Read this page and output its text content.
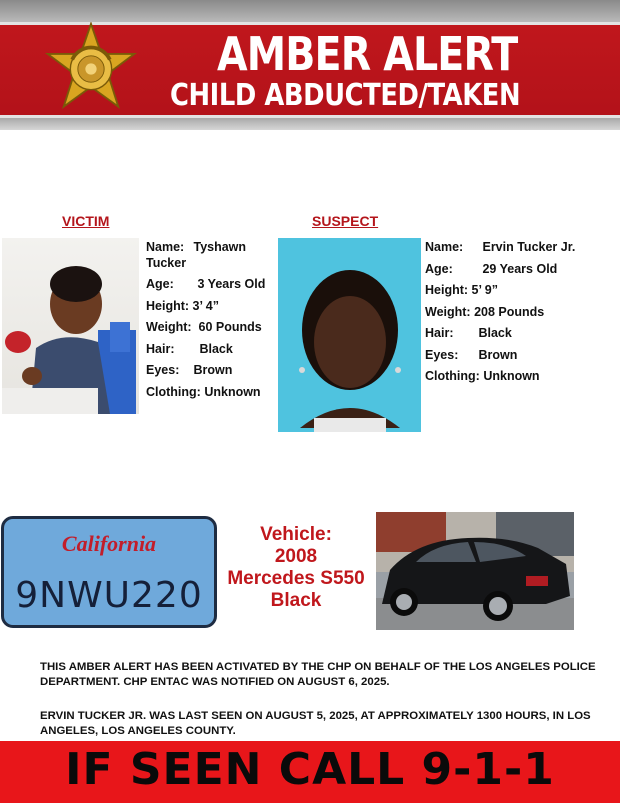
AMBER ALERT
CHILD ABDUCTED/TAKEN
VICTIM
Name: Tyshawn
Tucker
Age: 3 Years Old
Height: 3’ 4”
Weight: 60 Pounds
Hair: Black
Eyes: Brown
Clothing: Unknown
SUSPECT
Name: Ervin Tucker Jr.
Age: 29 Years Old
Height: 5’ 9”
Weight: 208 Pounds
Hair: Black
Eyes: Brown
Clothing: Unknown
California
9NWU220
Vehicle:
2008
Mercedes S550
Black
THIS AMBER ALERT HAS BEEN ACTIVATED BY THE CHP ON BEHALF OF THE LOS ANGELES POLICE DEPARTMENT. CHP ENTAC WAS NOTIFIED ON AUGUST 6, 2025.
ERVIN TUCKER JR. WAS LAST SEEN ON AUGUST 5, 2025, AT APPROXIMATELY 1300 HOURS, IN LOS ANGELES, LOS ANGELES COUNTY.
IF SEEN CALL 9-1-1
